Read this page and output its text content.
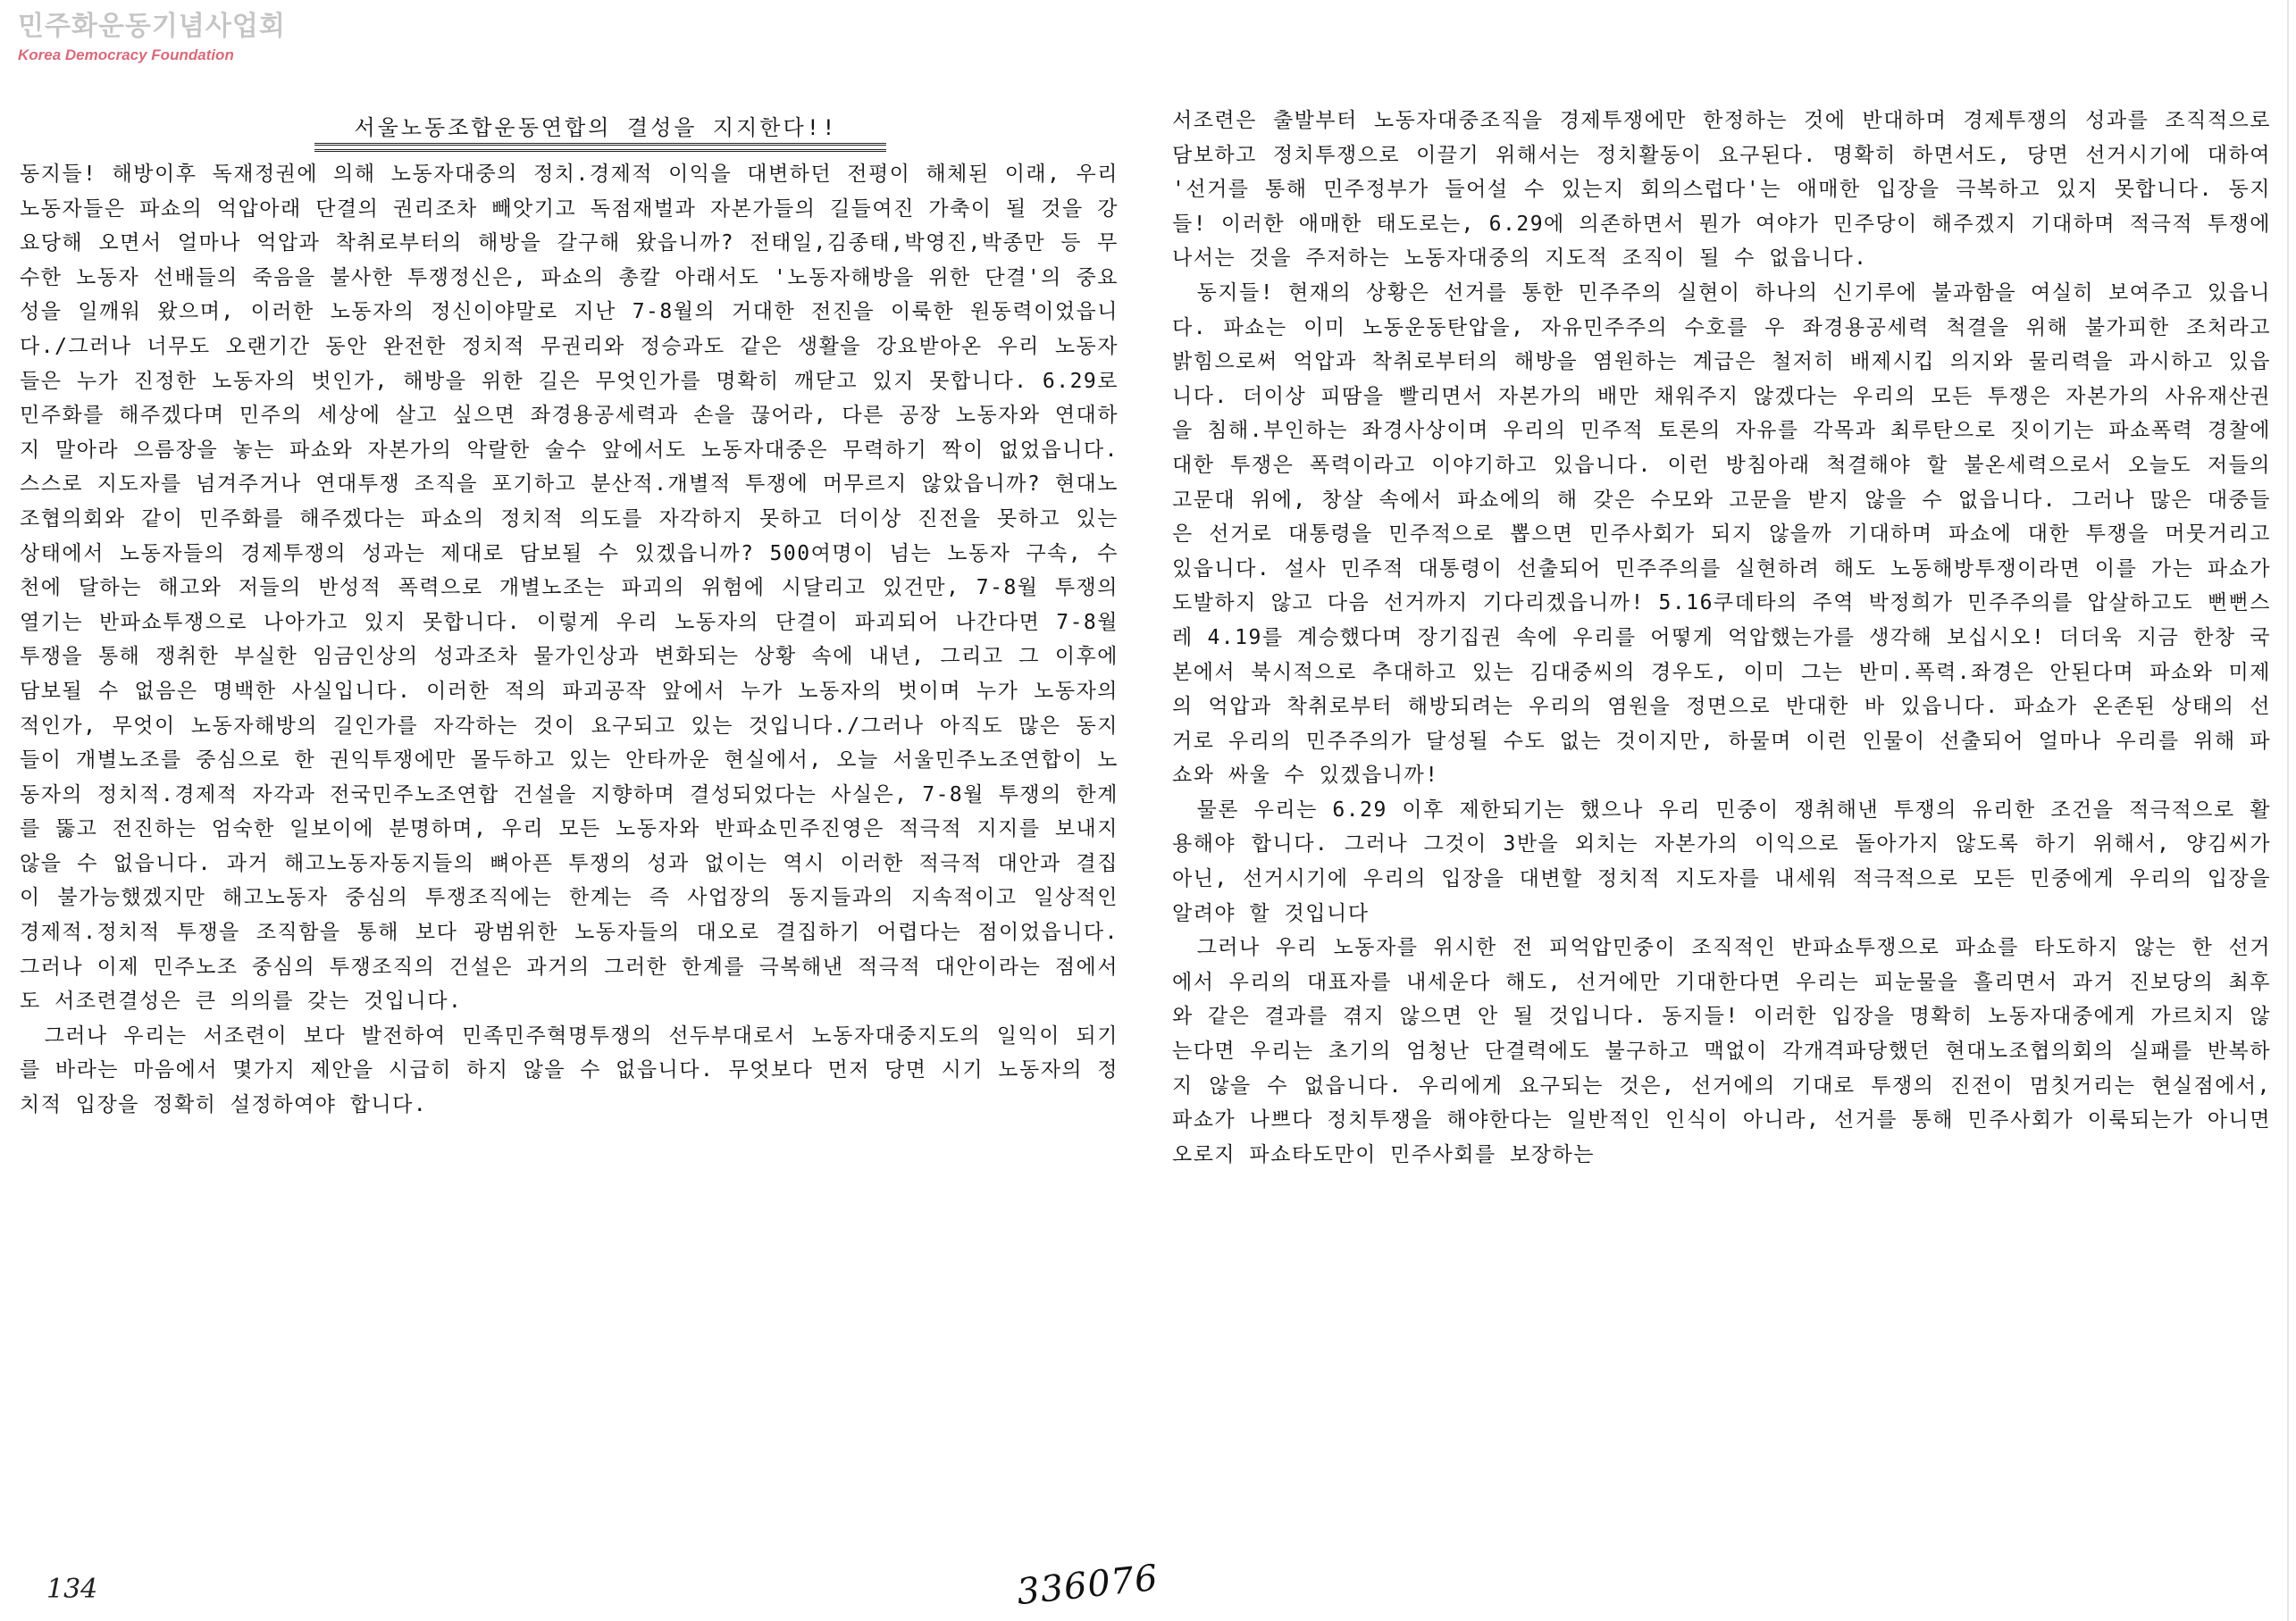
민주화운동기념사업회
Korea Democracy Foundation
서울노동조합운동연합의 결성을 지지한다!!

동지들! 해방이후 독재정권에 의해 노동자대중의 정치.경제적 이익을 대변하던 전평이 해체된 이래, 우리 노동자들은 파쇼의 억압아래 단결의 권리조차 빼앗기고 독점재벌과 자본가들의 길들여진 가축이 될 것을 강요당해 오면서 얼마나 억압과 착취로부터의 해방을 갈구해 왔읍니까? 전태일,김종태,박영진,박종만 등 무수한 노동자 선배들의 죽음을 불사한 투쟁정신은, 파쇼의 총칼 아래서도 '노동자해방을 위한 단결'의 중요성을 일깨워 왔으며, 이러한 노동자의 정신이야말로 지난 7-8월의 거대한 전진을 이룩한 원동력이었읍니다./그러나 너무도 오랜기간 동안 완전한 정치적 무권리와 정승과도 같은 생활을 강요받아온 우리 노동자들은 누가 진정한 노동자의 벗인가, 해방을 위한 길은 무엇인가를 명확히 깨닫고 있지 못합니다. 6.29로 민주화를 해주겠다며 민주의 세상에 살고 싶으면 좌경용공세력과 손을 끊어라, 다른 공장 노동자와 연대하지 말아라 으름장을 놓는 파쇼와 자본가의 악랄한 술수 앞에서도 노동자대중은 무력하기 짝이 없었읍니다. 스스로 지도자를 넘겨주거나 연대투쟁 조직을 포기하고 분산적.개별적 투쟁에 머무르지 않았읍니까? 현대노조협의회와 같이 민주화를 해주겠다는 파쇼의 정치적 의도를 자각하지 못하고 더이상 진전을 못하고 있는 상태에서 노동자들의 경제투쟁의 성과는 제대로 담보될 수 있겠읍니까? 500여명이 넘는 노동자 구속, 수천에 달하는 해고와 저들의 반성적 폭력으로 개별노조는 파괴의 위험에 시달리고 있건만, 7-8월 투쟁의 열기는 반파쇼투쟁으로 나아가고 있지 못합니다. 이렇게 우리 노동자의 단결이 파괴되어 나간다면 7-8월 투쟁을 통해 쟁취한 부실한 임금인상의 성과조차 물가인상과 변화되는 상황 속에 내년, 그리고 그 이후에 담보될 수 없음은 명백한 사실입니다. 이러한 적의 파괴공작 앞에서 누가 노동자의 벗이며 누가 노동자의 적인가, 무엇이 노동자해방의 길인가를 자각하는 것이 요구되고 있는 것입니다./그러나 아직도 많은 동지들이 개별노조를 중심으로 한 권익투쟁에만 몰두하고 있는 안타까운 현실에서, 오늘 서울민주노조연합이 노동자의 정치적.경제적 자각과 전국민주노조연합 건설을 지향하며 결성되었다는 사실은, 7-8월 투쟁의 한계를 뚫고 전진하는 엄숙한 일보이에 분명하며, 우리 모든 노동자와 반파쇼민주진영은 적극적 지지를 보내지 않을 수 없읍니다. 과거 해고노동자동지들의 뼈아픈 투쟁의 성과 없이는 역시 이러한 적극적 대안과 결집이 불가능했겠지만 해고노동자 중심의 투쟁조직에는 한계는 즉 사업장의 동지들과의 지속적이고 일상적인 경제적.정치적 투쟁을 조직함을 통해 보다 광범위한 노동자들의 대오로 결집하기 어렵다는 점이었읍니다. 그러나 이제 민주노조 중심의 투쟁조직의 건설은 과거의 그러한 한계를 극복해낸 적극적 대안이라는 점에서도 서조련결성은 큰 의의를 갖는 것입니다.

그러나 우리는 서조련이 보다 발전하여 민족민주혁명투쟁의 선두부대로서 노동자대중지도의 일익이 되기를 바라는 마음에서 몇가지 제안을 시급히 하지 않을 수 없읍니다. 무엇보다 먼저 당면 시기 노동자의 정치적 입장을 정확히 설정하여야 합니다.

서조련은 출발부터 노동자대중조직을 경제투쟁에만 한정하는 것에 반대하며 경제투쟁의 성과를 조직적으로 담보하고 정치투쟁으로 이끌기 위해서는 정치활동이 요구된다. 명확히 하면서도, 당면 선거시기에 대하여 '선거를 통해 민주정부가 들어설 수 있는지 회의스럽다'는 애매한 입장을 극복하고 있지 못합니다. 동지들! 이러한 애매한 태도로는, 6.29에 의존하면서 뭔가 여야가 민주당이 해주겠지 기대하며 적극적 투쟁에 나서는 것을 주저하는 노동자대중의 지도적 조직이 될 수 없읍니다.

동지들! 현재의 상황은 선거를 통한 민주주의 실현이 하나의 신기루에 불과함을 여실히 보여주고 있읍니다. 파쇼는 이미 노동운동탄압을, 자유민주주의 수호를 우 좌경용공세력 척결을 위해 불가피한 조처라고 밝힘으로써 억압과 착취로부터의 해방을 염원하는 계급은 철저히 배제시킵 의지와 물리력을 과시하고 있읍니다. 더이상 피땀을 빨리면서 자본가의 배만 채워주지 않겠다는 우리의 모든 투쟁은 자본가의 사유재산권을 침해.부인하는 좌경사상이며 우리의 민주적 토론의 자유를 각목과 최루탄으로 짓이기는 파쇼폭력 경찰에 대한 투쟁은 폭력이라고 이야기하고 있읍니다. 이런 방침아래 척결해야 할 불온세력으로서 오늘도 저들의 고문대 위에, 창살 속에서 파쇼에의 해 갖은 수모와 고문을 받지 않을 수 없읍니다. 그러나 많은 대중들은 선거로 대통령을 민주적으로 뽑으면 민주사회가 되지 않을까 기대하며 파쇼에 대한 투쟁을 머뭇거리고 있읍니다. 설사 민주적 대통령이 선출되어 민주주의를 실현하려 해도 노동해방투쟁이라면 이를 가는 파쇼가 도발하지 않고 다음 선거까지 기다리겠읍니까! 5.16쿠데타의 주역 박정희가 민주주의를 압살하고도 뻔뻔스레 4.19를 계승했다며 장기집권 속에 우리를 어떻게 억압했는가를 생각해 보십시오! 더더욱 지금 한창 국본에서 북시적으로 추대하고 있는 김대중씨의 경우도, 이미 그는 반미.폭력.좌경은 안된다며 파쇼와 미제의 억압과 착취로부터 해방되려는 우리의 염원을 정면으로 반대한 바 있읍니다. 파쇼가 온존된 상태의 선거로 우리의 민주주의가 달성될 수도 없는 것이지만, 하물며 이런 인물이 선출되어 얼마나 우리를 위해 파쇼와 싸울 수 있겠읍니까!

물론 우리는 6.29 이후 제한되기는 했으나 우리 민중이 쟁취해낸 투쟁의 유리한 조건을 적극적으로 활용해야 합니다. 그러나 그것이 3반을 외치는 자본가의 이익으로 돌아가지 않도록 하기 위해서, 양김씨가 아닌, 선거시기에 우리의 입장을 대변할 정치적 지도자를 내세워 적극적으로 모든 민중에게 우리의 입장을 알려야 할 것입니다

그러나 우리 노동자를 위시한 전 피억압민중이 조직적인 반파쇼투쟁으로 파쇼를 타도하지 않는 한 선거에서 우리의 대표자를 내세운다 해도, 선거에만 기대한다면 우리는 피눈물을 흘리면서 과거 진보당의 최후와 같은 결과를 겪지 않으면 안 될 것입니다. 동지들! 이러한 입장을 명확히 노동자대중에게 가르치지 않는다면 우리는 초기의 엄청난 단결력에도 불구하고 맥없이 각개격파당했던 현대노조협의회의 실패를 반복하지 않을 수 없읍니다. 우리에게 요구되는 것은, 선거에의 기대로 투쟁의 진전이 멈칫거리는 현실점에서, 파쇼가 나쁘다 정치투쟁을 해야한다는 일반적인 인식이 아니라, 선거를 통해 민주사회가 이룩되는가 아니면 오로지 파쇼타도만이 민주사회를 보장하는

134	336076
